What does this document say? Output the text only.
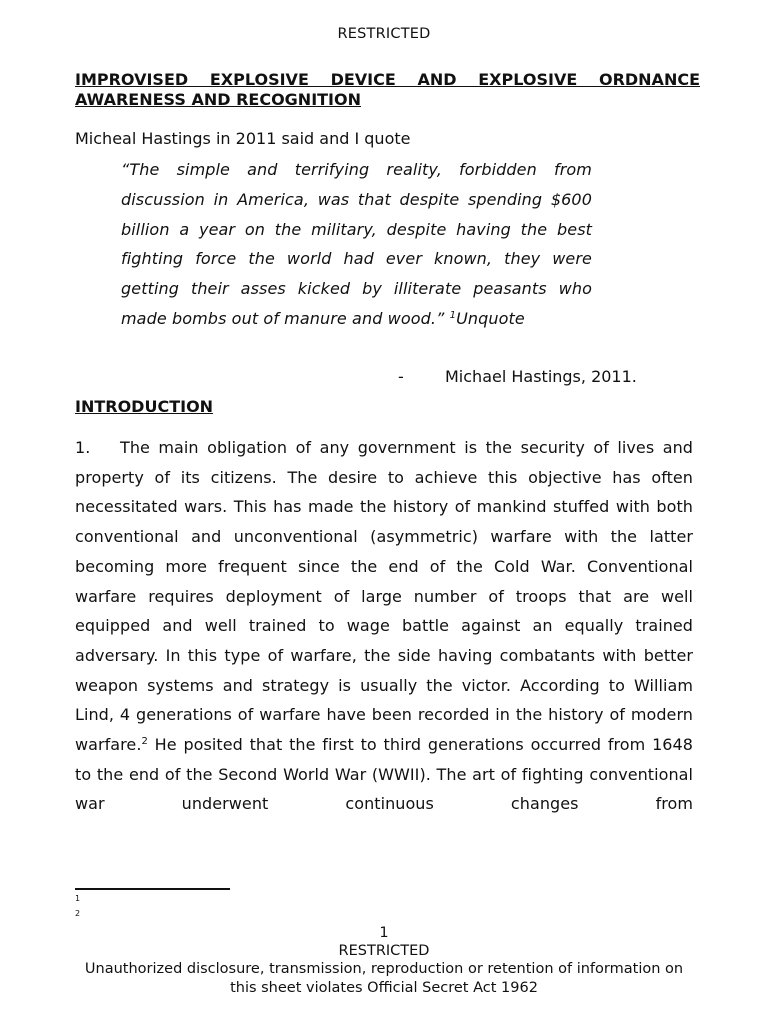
RESTRICTED
IMPROVISED EXPLOSIVE DEVICE AND EXPLOSIVE ORDNANCE AWARENESS AND RECOGNITION
Micheal Hastings in 2011 said and I quote
“The simple and terrifying reality, forbidden from discussion in America, was that despite spending $600 billion a year on the military, despite having the best fighting force the world had ever known, they were getting their asses kicked by illiterate peasants who made bombs out of manure and wood.” $^1$Unquote
-	Michael Hastings, 2011.
INTRODUCTION
1. The main obligation of any government is the security of lives and property of its citizens. The desire to achieve this objective has often necessitated wars. This has made the history of mankind stuffed with both conventional and unconventional (asymmetric) warfare with the latter becoming more frequent since the end of the Cold War. Conventional warfare requires deployment of large number of troops that are well equipped and well trained to wage battle against an equally trained adversary. In this type of warfare, the side having combatants with better weapon systems and strategy is usually the victor. According to William Lind, 4 generations of warfare have been recorded in the history of modern warfare.$^2$ He posited that the first to third generations occurred from 1648 to the end of the Second World War (WWII). The art of fighting conventional war underwent continuous changes from
1
2
1
RESTRICTED
Unauthorized disclosure, transmission, reproduction or retention of information on this sheet violates Official Secret Act 1962
